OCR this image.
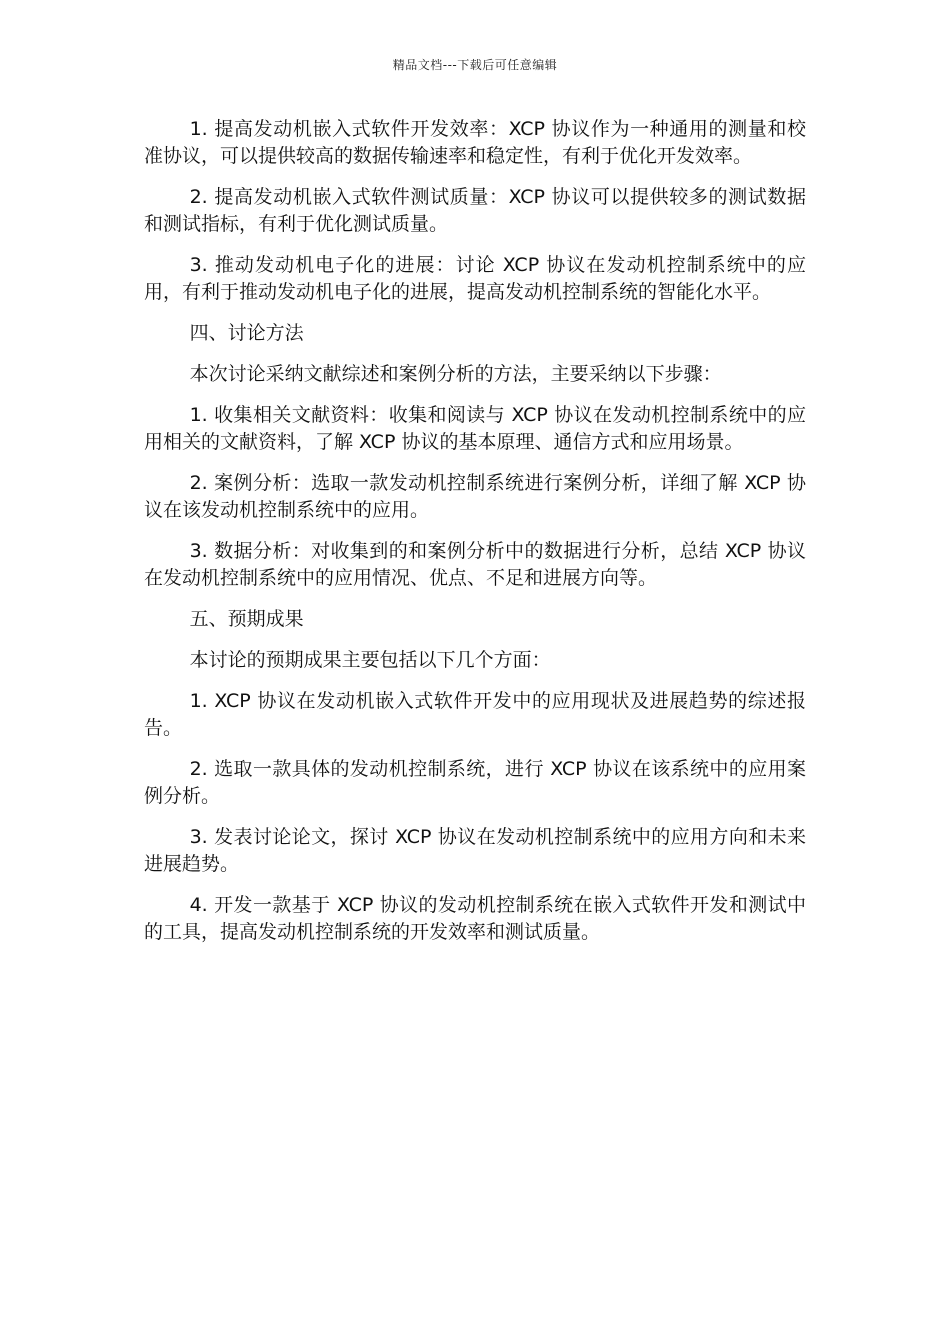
精品文档---下载后可任意编辑

1. 提高发动机嵌入式软件开发效率：XCP 协议作为一种通用的测量和校准协议，可以提供较高的数据传输速率和稳定性，有利于优化开发效率。

2. 提高发动机嵌入式软件测试质量：XCP 协议可以提供较多的测试数据和测试指标，有利于优化测试质量。

3. 推动发动机电子化的进展：讨论 XCP 协议在发动机控制系统中的应用，有利于推动发动机电子化的进展，提高发动机控制系统的智能化水平。

四、讨论方法

本次讨论采纳文献综述和案例分析的方法，主要采纳以下步骤：

1. 收集相关文献资料：收集和阅读与 XCP 协议在发动机控制系统中的应用相关的文献资料，了解 XCP 协议的基本原理、通信方式和应用场景。

2. 案例分析：选取一款发动机控制系统进行案例分析，详细了解 XCP 协议在该发动机控制系统中的应用。

3. 数据分析：对收集到的和案例分析中的数据进行分析，总结 XCP 协议在发动机控制系统中的应用情况、优点、不足和进展方向等。

五、预期成果

本讨论的预期成果主要包括以下几个方面：

1. XCP 协议在发动机嵌入式软件开发中的应用现状及进展趋势的综述报告。

2. 选取一款具体的发动机控制系统，进行 XCP 协议在该系统中的应用案例分析。

3. 发表讨论论文，探讨 XCP 协议在发动机控制系统中的应用方向和未来进展趋势。

4. 开发一款基于 XCP 协议的发动机控制系统在嵌入式软件开发和测试中的工具，提高发动机控制系统的开发效率和测试质量。
